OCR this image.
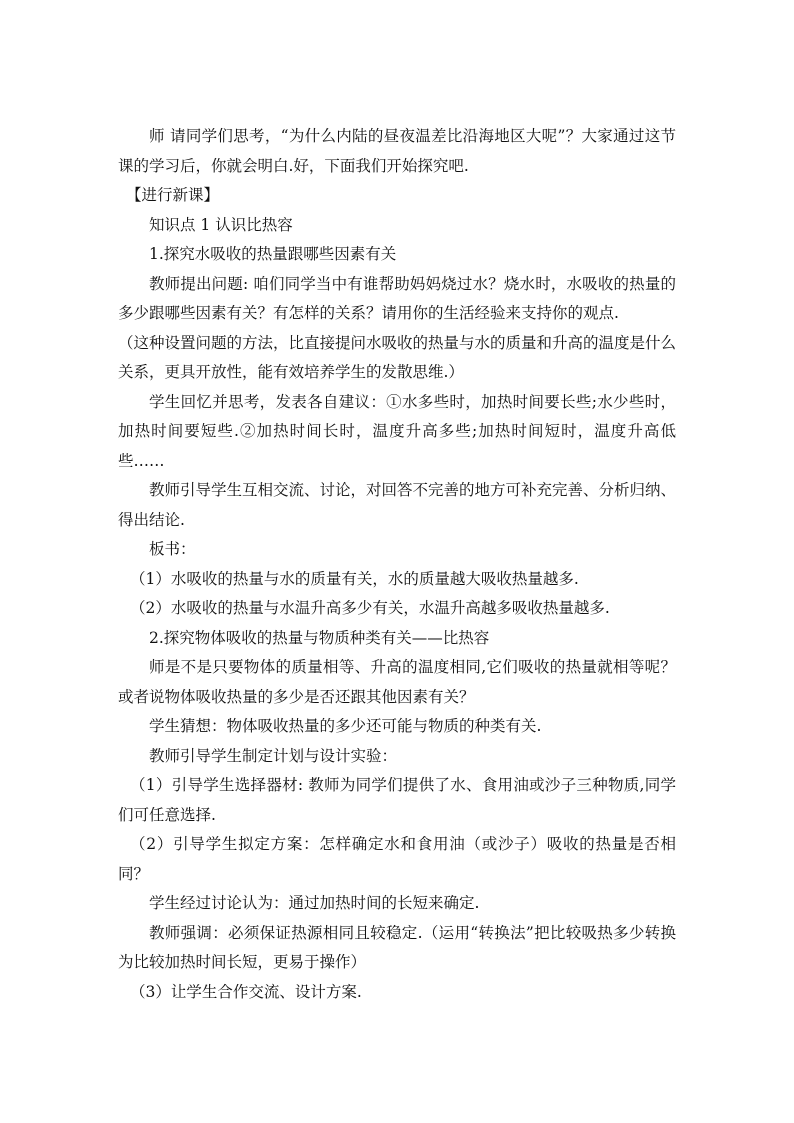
师 请同学们思考，“为什么内陆的昼夜温差比沿海地区大呢”？大家通过这节课的学习后，你就会明白.好，下面我们开始探究吧.

【进行新课】

知识点 1 认识比热容

1.探究水吸收的热量跟哪些因素有关

教师提出问题: 咱们同学当中有谁帮助妈妈烧过水？烧水时，水吸收的热量的多少跟哪些因素有关？有怎样的关系？请用你的生活经验来支持你的观点.

（这种设置问题的方法，比直接提问水吸收的热量与水的质量和升高的温度是什么关系，更具开放性，能有效培养学生的发散思维.）

学生回忆并思考，发表各自建议：①水多些时，加热时间要长些;水少些时，加热时间要短些.②加热时间长时，温度升高多些;加热时间短时，温度升高低些……

教师引导学生互相交流、讨论，对回答不完善的地方可补充完善、分析归纳、得出结论.

板书：

（1）水吸收的热量与水的质量有关，水的质量越大吸收热量越多.

（2）水吸收的热量与水温升高多少有关，水温升高越多吸收热量越多.

2.探究物体吸收的热量与物质种类有关——比热容

师是不是只要物体的质量相等、升高的温度相同,它们吸收的热量就相等呢？或者说物体吸收热量的多少是否还跟其他因素有关？

学生猜想：物体吸收热量的多少还可能与物质的种类有关.

教师引导学生制定计划与设计实验：

（1）引导学生选择器材: 教师为同学们提供了水、食用油或沙子三种物质,同学们可任意选择.

（2）引导学生拟定方案：怎样确定水和食用油（或沙子）吸收的热量是否相同？

学生经过讨论认为：通过加热时间的长短来确定.

教师强调：必须保证热源相同且较稳定.（运用“转换法”把比较吸热多少转换为比较加热时间长短，更易于操作）

（3）让学生合作交流、设计方案.
